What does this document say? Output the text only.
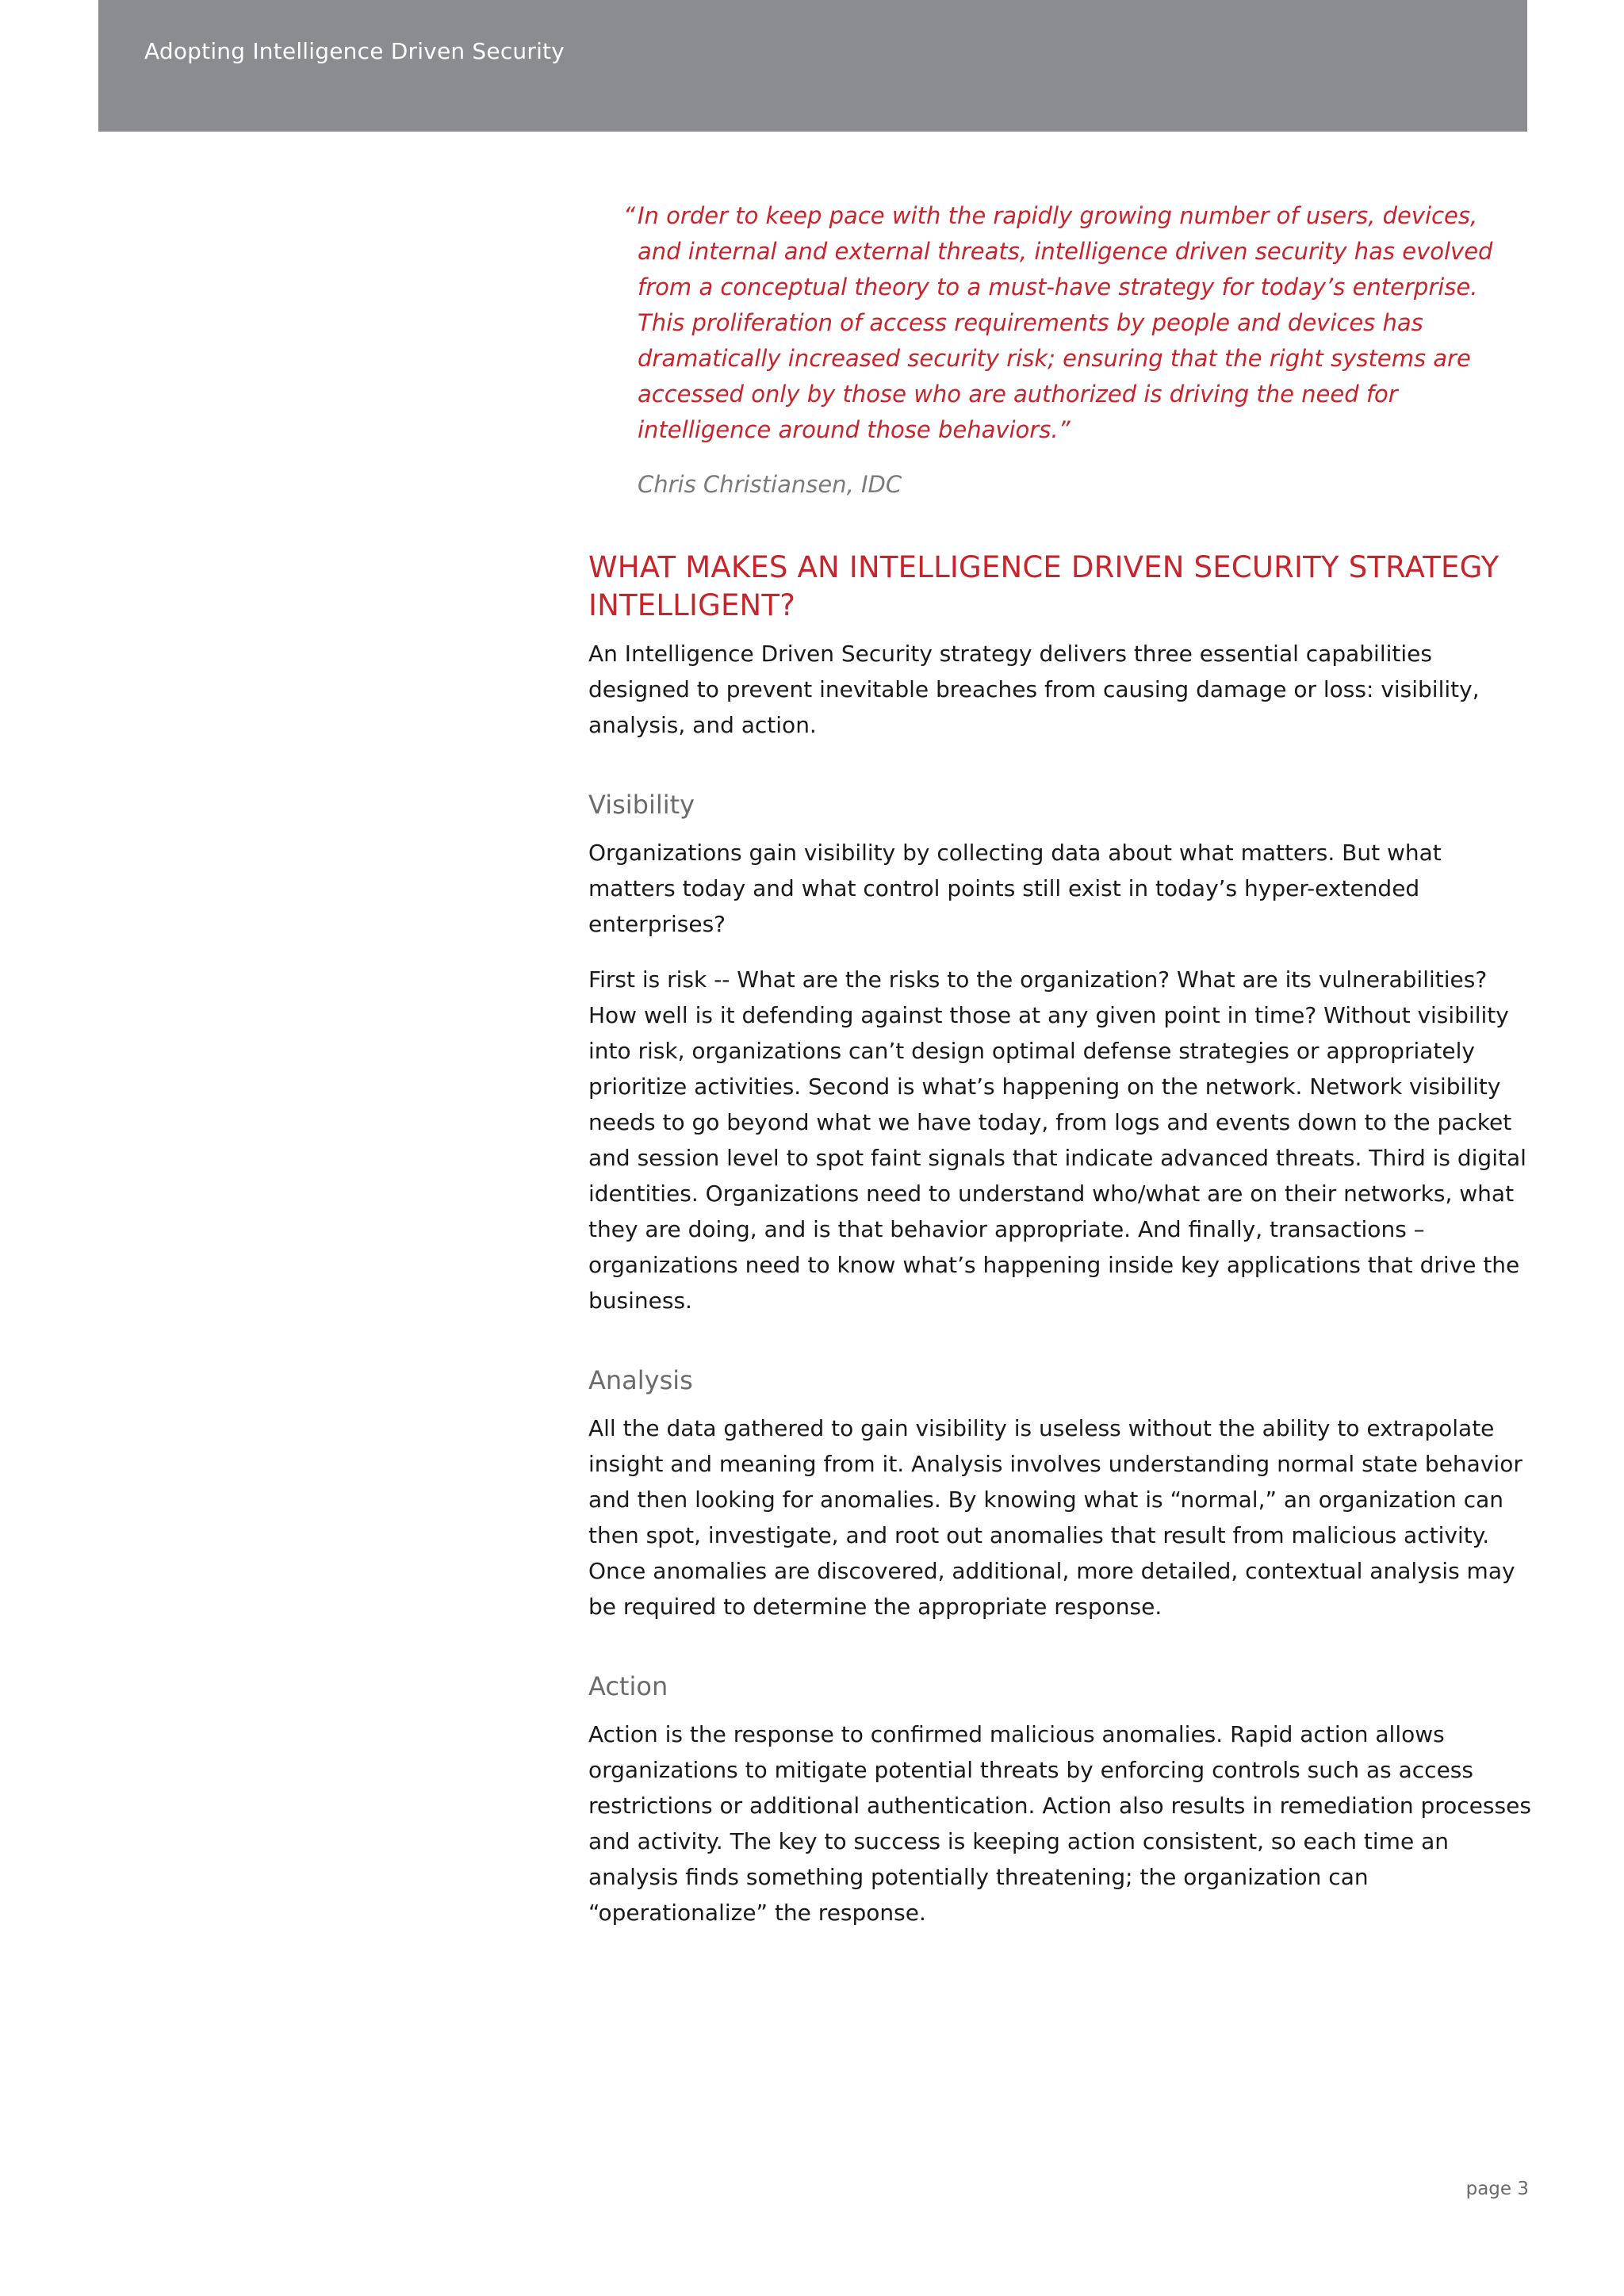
Adopting Intelligence Driven Security
“ In order to keep pace with the rapidly growing number of users, devices, and internal and external threats, intelligence driven security has evolved from a conceptual theory to a must-have strategy for today’s enterprise. This proliferation of access requirements by people and devices has dramatically increased security risk; ensuring that the right systems are accessed only by those who are authorized is driving the need for intelligence around those behaviors.”
Chris Christiansen, IDC
WHAT MAKES AN INTELLIGENCE DRIVEN SECURITY STRATEGY INTELLIGENT?

An Intelligence Driven Security strategy delivers three essential capabilities designed to prevent inevitable breaches from causing damage or loss: visibility, analysis, and action.

Visibility

Organizations gain visibility by collecting data about what matters. But what matters today and what control points still exist in today’s hyper-extended enterprises?

First is risk -- What are the risks to the organization? What are its vulnerabilities? How well is it defending against those at any given point in time? Without visibility into risk, organizations can’t design optimal defense strategies or appropriately prioritize activities. Second is what’s happening on the network. Network visibility needs to go beyond what we have today, from logs and events down to the packet and session level to spot faint signals that indicate advanced threats. Third is digital identities. Organizations need to understand who/what are on their networks, what they are doing, and is that behavior appropriate. And finally, transactions – organizations need to know what’s happening inside key applications that drive the business.

Analysis

All the data gathered to gain visibility is useless without the ability to extrapolate insight and meaning from it. Analysis involves understanding normal state behavior and then looking for anomalies. By knowing what is “normal,” an organization can then spot, investigate, and root out anomalies that result from malicious activity. Once anomalies are discovered, additional, more detailed, contextual analysis may be required to determine the appropriate response.

Action

Action is the response to confirmed malicious anomalies. Rapid action allows organizations to mitigate potential threats by enforcing controls such as access restrictions or additional authentication. Action also results in remediation processes and activity. The key to success is keeping action consistent, so each time an analysis finds something potentially threatening; the organization can “operationalize” the response.

page 3
